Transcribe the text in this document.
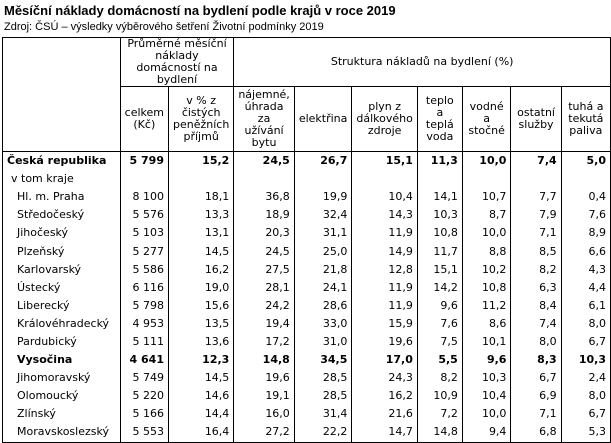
Měsíční náklady domácností na bydlení podle krajů v roce 2019
Zdroj: ČSÚ – výsledky výběrového šetření Životní podmínky 2019
	Průměrné měsíční náklady domácností na bydlení		Struktura nákladů na bydlení (%)						
	celkem (Kč)	v % z čistých peněžních příjmů	nájemné, úhrada za užívání bytu	elektřina	plyn z dálkového zdroje	teplo a teplá voda	vodné a stočné	ostatní služby	tuhá a tekutá paliva
Česká republika	5 799	15,2	24,5	26,7	15,1	11,3	10,0	7,4	5,0
v tom kraje									
Hl. m. Praha	8 100	18,1	36,8	19,9	10,4	14,1	10,7	7,7	0,4
Středočeský	5 576	13,3	18,9	32,4	14,3	10,3	8,7	7,9	7,6
Jihočeský	5 103	13,1	20,3	31,1	11,9	10,8	10,0	7,1	8,9
Plzeňský	5 277	14,5	24,5	25,0	14,9	11,7	8,8	8,5	6,6
Karlovarský	5 586	16,2	27,5	21,8	12,8	15,1	10,2	8,2	4,3
Ústecký	6 116	19,0	28,1	24,1	11,9	14,2	10,8	6,3	4,4
Liberecký	5 798	15,6	24,2	28,6	11,9	9,6	11,2	8,4	6,1
Královéhradecký	4 953	13,5	19,4	33,0	15,9	7,6	8,6	7,4	8,0
Pardubický	5 111	13,6	17,2	31,0	19,6	7,5	10,1	8,0	6,7
Vysočina	4 641	12,3	14,8	34,5	17,0	5,5	9,6	8,3	10,3
Jihomoravský	5 749	14,5	19,6	28,5	24,3	8,2	10,3	6,7	2,4
Olomoucký	5 220	14,6	19,1	28,5	16,2	10,9	10,4	6,9	8,0
Zlínský	5 166	14,4	16,0	31,4	21,6	7,2	10,0	7,1	6,7
Moravskoslezský	5 553	16,4	27,2	22,2	14,7	14,8	9,4	6,8	5,3
